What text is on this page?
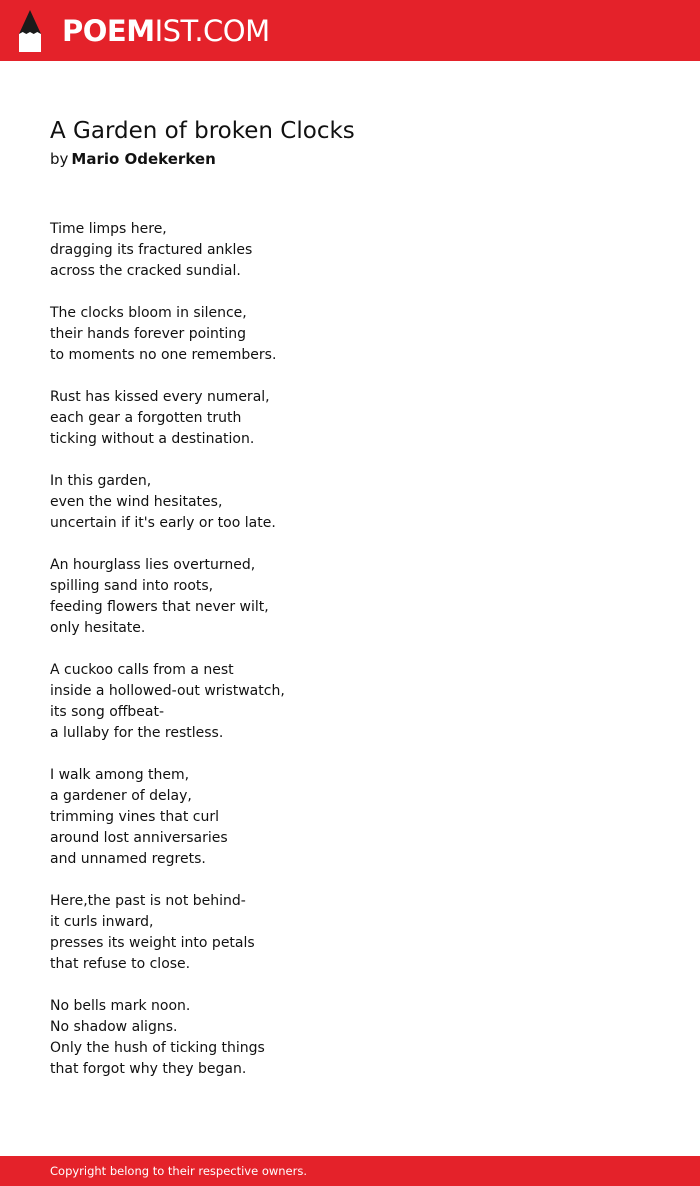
POEMIST.COM
A Garden of broken Clocks
by Mario Odekerken
Time limps here,
dragging its fractured ankles
across the cracked sundial.
The clocks bloom in silence,
their hands forever pointing
to moments no one remembers.
Rust has kissed every numeral,
each gear a forgotten truth
ticking without a destination.
In this garden,
even the wind hesitates,
uncertain if it's early or too late.
An hourglass lies overturned,
spilling sand into roots,
feeding flowers that never wilt,
only hesitate.
A cuckoo calls from a nest
inside a hollowed-out wristwatch,
its song offbeat-
a lullaby for the restless.
I walk among them,
a gardener of delay,
trimming vines that curl
around lost anniversaries
and unnamed regrets.
Here,the past is not behind-
it curls inward,
presses its weight into petals
that refuse to close.
No bells mark noon.
No shadow aligns.
Only the hush of ticking things
that forgot why they began.
Copyright belong to their respective owners.
